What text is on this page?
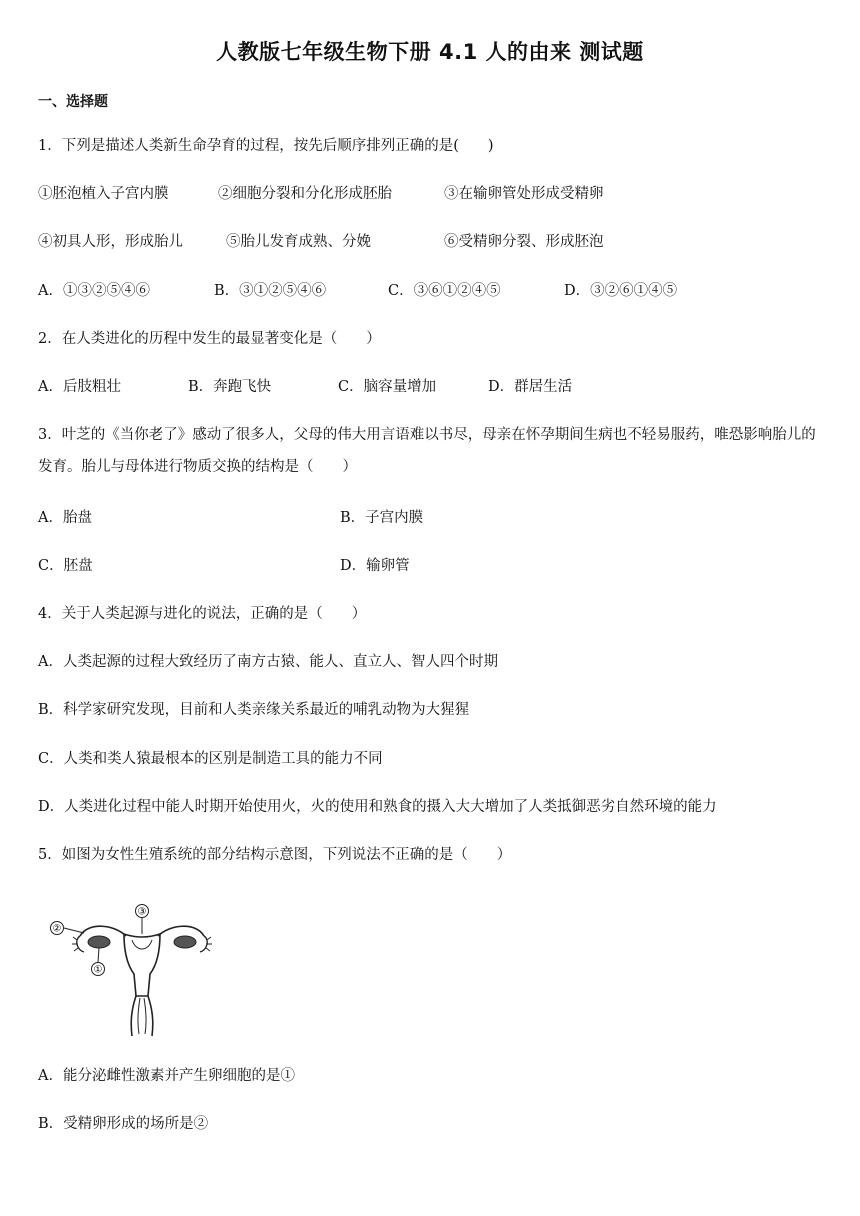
人教版七年级生物下册 4.1 人的由来 测试题
一、选择题
1．下列是描述人类新生命孕育的过程，按先后顺序排列正确的是(　　)
①胚泡植入子宫内膜	②细胞分裂和分化形成胚胎	③在输卵管处形成受精卵
④初具人形，形成胎儿	⑤胎儿发育成熟、分娩	⑥受精卵分裂、形成胚泡
A．①③②⑤④⑥	B．③①②⑤④⑥	C．③⑥①②④⑤	D．③②⑥①④⑤
2．在人类进化的历程中发生的最显著变化是（　　）
A．后肢粗壮	B．奔跑飞快	C．脑容量增加	D．群居生活
3．叶芝的《当你老了》感动了很多人，父母的伟大用言语难以书尽，母亲在怀孕期间生病也不轻易服药，唯恐影响胎儿的发育。胎儿与母体进行物质交换的结构是（　　）
A．胎盘	B．子宫内膜
C．胚盘	D．输卵管
4．关于人类起源与进化的说法，正确的是（　　）
A．人类起源的过程大致经历了南方古猿、能人、直立人、智人四个时期
B．科学家研究发现，目前和人类亲缘关系最近的哺乳动物为大猩猩
C．人类和类人猿最根本的区别是制造工具的能力不同
D．人类进化过程中能人时期开始使用火，火的使用和熟食的摄入大大增加了人类抵御恶劣自然环境的能力
5．如图为女性生殖系统的部分结构示意图，下列说法不正确的是（　　）
②
③
①
A．能分泌雌性激素并产生卵细胞的是①
B．受精卵形成的场所是②
